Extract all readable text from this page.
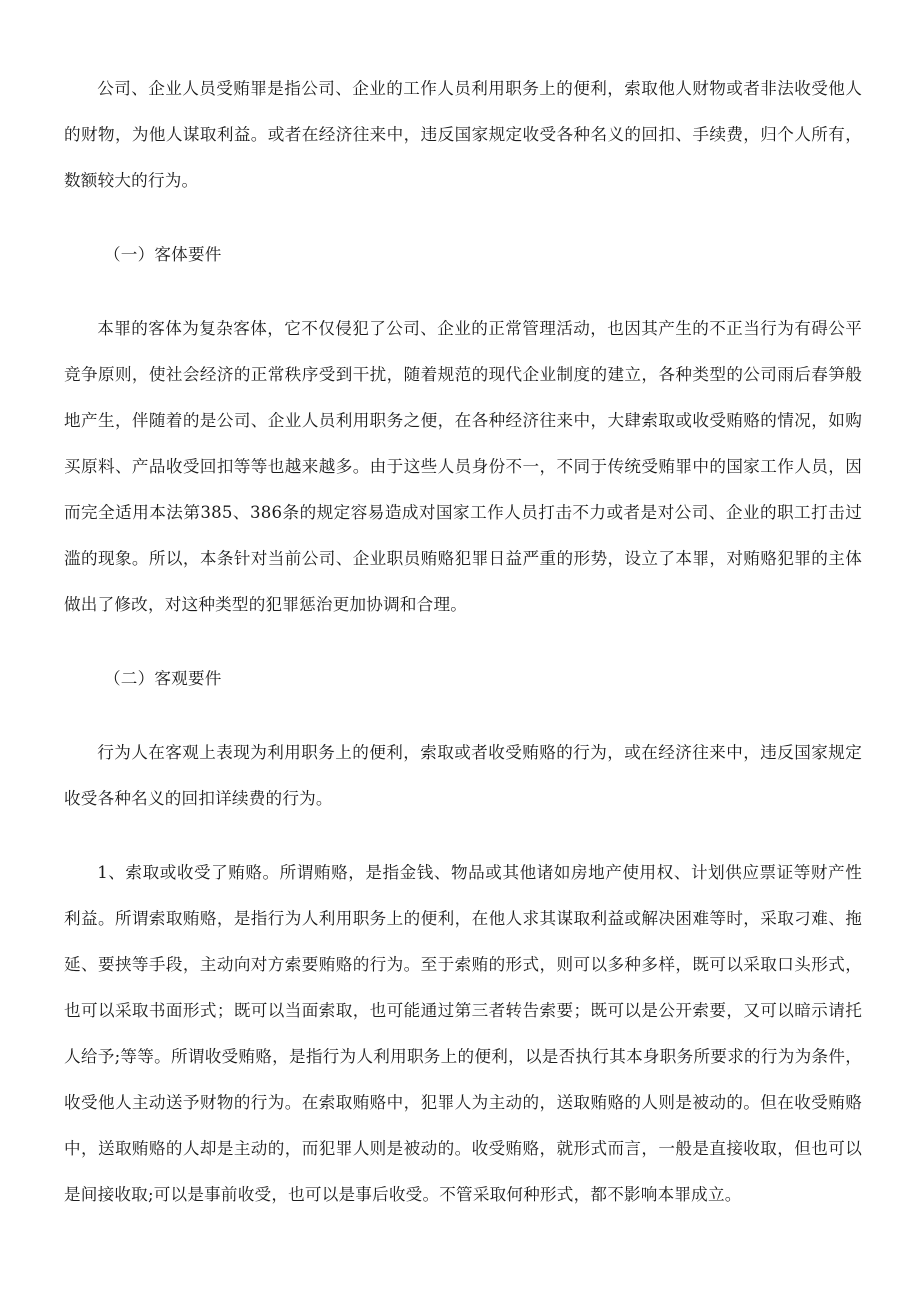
公司、企业人员受贿罪是指公司、企业的工作人员利用职务上的便利，索取他人财物或者非法收受他人的财物，为他人谋取利益。或者在经济往来中，违反国家规定收受各种名义的回扣、手续费，归个人所有，数额较大的行为。

（一）客体要件

本罪的客体为复杂客体，它不仅侵犯了公司、企业的正常管理活动，也因其产生的不正当行为有碍公平竞争原则，使社会经济的正常秩序受到干扰，随着规范的现代企业制度的建立，各种类型的公司雨后春笋般地产生，伴随着的是公司、企业人员利用职务之便，在各种经济往来中，大肆索取或收受贿赂的情况，如购买原料、产品收受回扣等等也越来越多。由于这些人员身份不一，不同于传统受贿罪中的国家工作人员，因而完全适用本法第385、386条的规定容易造成对国家工作人员打击不力或者是对公司、企业的职工打击过滥的现象。所以，本条针对当前公司、企业职员贿赂犯罪日益严重的形势，设立了本罪，对贿赂犯罪的主体做出了修改，对这种类型的犯罪惩治更加协调和合理。

（二）客观要件

行为人在客观上表现为利用职务上的便利，索取或者收受贿赂的行为，或在经济往来中，违反国家规定收受各种名义的回扣详续费的行为。

1、索取或收受了贿赂。所谓贿赂，是指金钱、物品或其他诸如房地产使用权、计划供应票证等财产性利益。所谓索取贿赂，是指行为人利用职务上的便利，在他人求其谋取利益或解决困难等时，采取刁难、拖延、要挟等手段，主动向对方索要贿赂的行为。至于索贿的形式，则可以多种多样，既可以采取口头形式，也可以采取书面形式；既可以当面索取，也可能通过第三者转告索要；既可以是公开索要，又可以暗示请托人给予;等等。所谓收受贿赂，是指行为人利用职务上的便利，以是否执行其本身职务所要求的行为为条件，收受他人主动送予财物的行为。在索取贿赂中，犯罪人为主动的，送取贿赂的人则是被动的。但在收受贿赂中，送取贿赂的人却是主动的，而犯罪人则是被动的。收受贿赂，就形式而言，一般是直接收取，但也可以是间接收取;可以是事前收受，也可以是事后收受。不管采取何种形式，都不影响本罪成立。
